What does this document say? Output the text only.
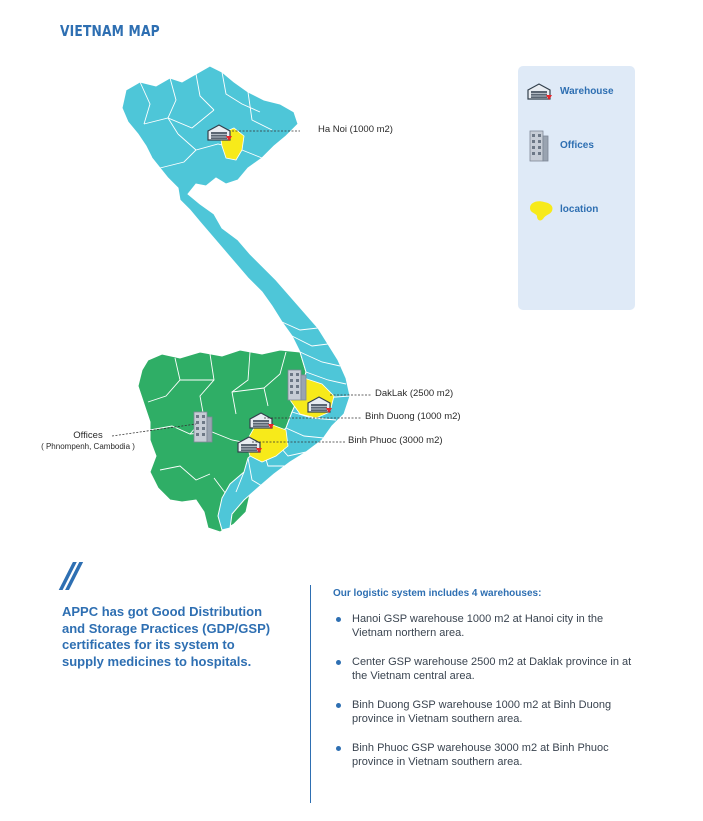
VIETNAM MAP
Ha Noi (1000 m2)
DakLak (2500 m2)
Binh Duong (1000 m2)
Binh Phuoc (3000 m2)
Offices
( Phnompenh, Cambodia )
Warehouse
Offices
location
//
APPC has got Good Distribution and Storage Practices (GDP/GSP) certificates for its system to supply medicines to hospitals.
Our logistic system includes 4 warehouses:
Hanoi GSP warehouse 1000 m2 at Hanoi city in the Vietnam northern area.
Center GSP warehouse 2500 m2 at Daklak province in at the Vietnam central area.
Binh Duong GSP warehouse 1000 m2 at Binh Duong province in Vietnam southern area.
Binh Phuoc GSP warehouse 3000 m2 at Binh Phuoc province in Vietnam southern area.
